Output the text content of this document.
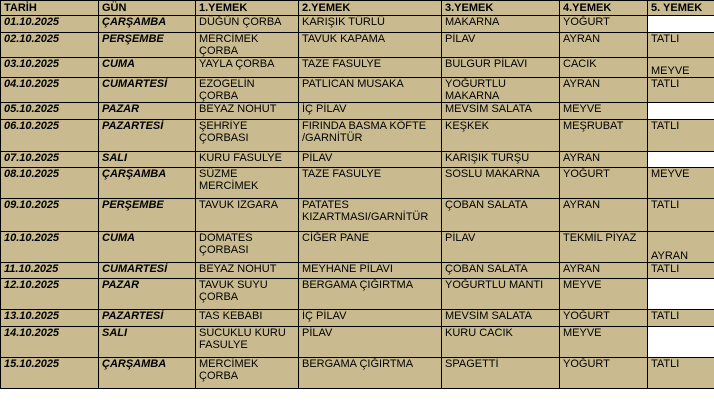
TARİH	GÜN	1.YEMEK	2.YEMEK	3.YEMEK	4.YEMEK	5. YEMEK
01.10.2025	ÇARŞAMBA	DÜĞÜN ÇORBA	KARIŞIK TÜRLÜ	MAKARNA	YOĞURT	
02.10.2025	PERŞEMBE	MERCİMEK ÇORBA	TAVUK KAPAMA	PİLAV	AYRAN	TATLI
03.10.2025	CUMA	YAYLA ÇORBA	TAZE FASULYE	BULGUR PİLAVI	CACIK	MEYVE
04.10.2025	CUMARTESİ	EZOGELİN ÇORBA	PATLICAN MUSAKA	YOĞURTLU MAKARNA	AYRAN	TATLI
05.10.2025	PAZAR	BEYAZ NOHUT	İÇ PİLAV	MEVSİM SALATA	MEYVE	
06.10.2025	PAZARTESİ	ŞEHRİYE ÇORBASI	FIRINDA BASMA KÖFTE /GARNİTÜR	KEŞKEK	MEŞRUBAT	TATLI
07.10.2025	SALI	KURU FASULYE	PİLAV	KARIŞIK TURŞU	AYRAN	
08.10.2025	ÇARŞAMBA	SÜZME MERCİMEK	TAZE FASULYE	SOSLU MAKARNA	YOĞURT	MEYVE
09.10.2025	PERŞEMBE	TAVUK IZGARA	PATATES KIZARTMASI/GARNİTÜR	ÇOBAN SALATA	AYRAN	TATLI
10.10.2025	CUMA	DOMATES ÇORBASI	CİĞER PANE	PİLAV	TEKMİL PİYAZ	AYRAN
11.10.2025	CUMARTESİ	BEYAZ NOHUT	MEYHANE PİLAVI	ÇOBAN SALATA	AYRAN	TATLI
12.10.2025	PAZAR	TAVUK SUYU ÇORBA	BERGAMA ÇIĞIRTMA	YOĞURTLU MANTI	MEYVE	
13.10.2025	PAZARTESİ	TAS KEBABI	İÇ PİLAV	MEVSİM SALATA	YOĞURT	TATLI
14.10.2025	SALI	SUCUKLU KURU FASULYE	PİLAV	KURU CACIK	MEYVE	
15.10.2025	ÇARŞAMBA	MERCİMEK ÇORBA	BERGAMA ÇIĞIRTMA	SPAGETTİ	YOĞURT	TATLI
